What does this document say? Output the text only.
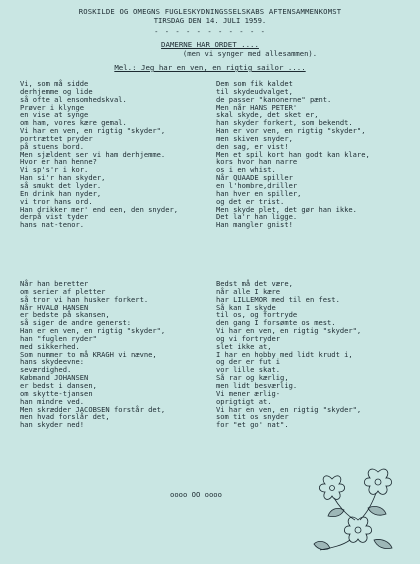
ROSKILDE OG OMEGNS FUGLESKYDNINGSSELSKABS AFTENSAMMENKOMST
TIRSDAG DEN 14. JULI 1959.
- - - - - - - - - - -
DAMERNE HAR ORDET ....
(men vi synger med allesammen).
Mel.: Jeg har en ven, en rigtig sailor ....
Vi, som må sidde
derhjemme og lide
så ofte al ensomhedskval.
Prøver i klynge
en vise at synge
om ham, vores kære gemal.
Vi har en ven, en rigtig "skyder",
portrættet pryder
på stuens bord.
Men sjældent ser vi ham derhjemme.
Hvor er han henne?
Vi sp's'r i kor.
Han si'r han skyder,
så smukt det lyder.
En drink han nyder,
vi tror hans ord.
Han drikker mer' end een, den snyder,
derpå vist tyder
hans nat-tenor.
Dem som fik kaldet
til skydeudvalget,
de passer "kanonerne" pænt.
Men når HANS PETER'
skal skyde, det sket er,
han skyder forkert, som bekendt.
Han er vor ven, en rigtig "skyder",
men skiven snyder,
den sag, er vist!
Men et spil kort han godt kan klare,
kors hvor han narre
os i en whist.
Når QUAADE spiller
en l'hombre,driller
han hver en spiller,
og det er trist.
Men skyde plet, det gør han ikke.
Det la'r han ligge.
Han mangler gnist!
Når han beretter
om serier af pletter
så tror vi han husker forkert.
Når HVALØ HANSEN
er bedste på skansen,
så siger de andre generst:
Han er en ven, en rigtig "skyder",
han "fuglen ryder"
med sikkerhed.
Som nummer to må KRAGH vi nævne,
hans skydeevne:
seværdighed.
Købmand JOHANSEN
er bedst i dansen,
om skytte-tjansen
han mindre ved.
Men skrædder JACOBSEN forstår det,
men hvad forslår det,
han skyder ned!
Bedst må det være,
når alle I kære
har LILLEMOR med til en fest.
Så kan I skyde
til os, og fortryde
den gang I forsømte os mest.
Vi har en ven, en rigtig "skyder",
og vi fortryder
slet ikke at,
I har en hobby med lidt krudt i,
og der er fut i
vor lille skat.
Så rar og kærlig,
men lidt besværlig.
Vi mener ærlig-
oprigtigt at.
Vi har en ven, en rigtig "skyder",
som tit os snyder
for "et go' nat".
oooo OO oooo
